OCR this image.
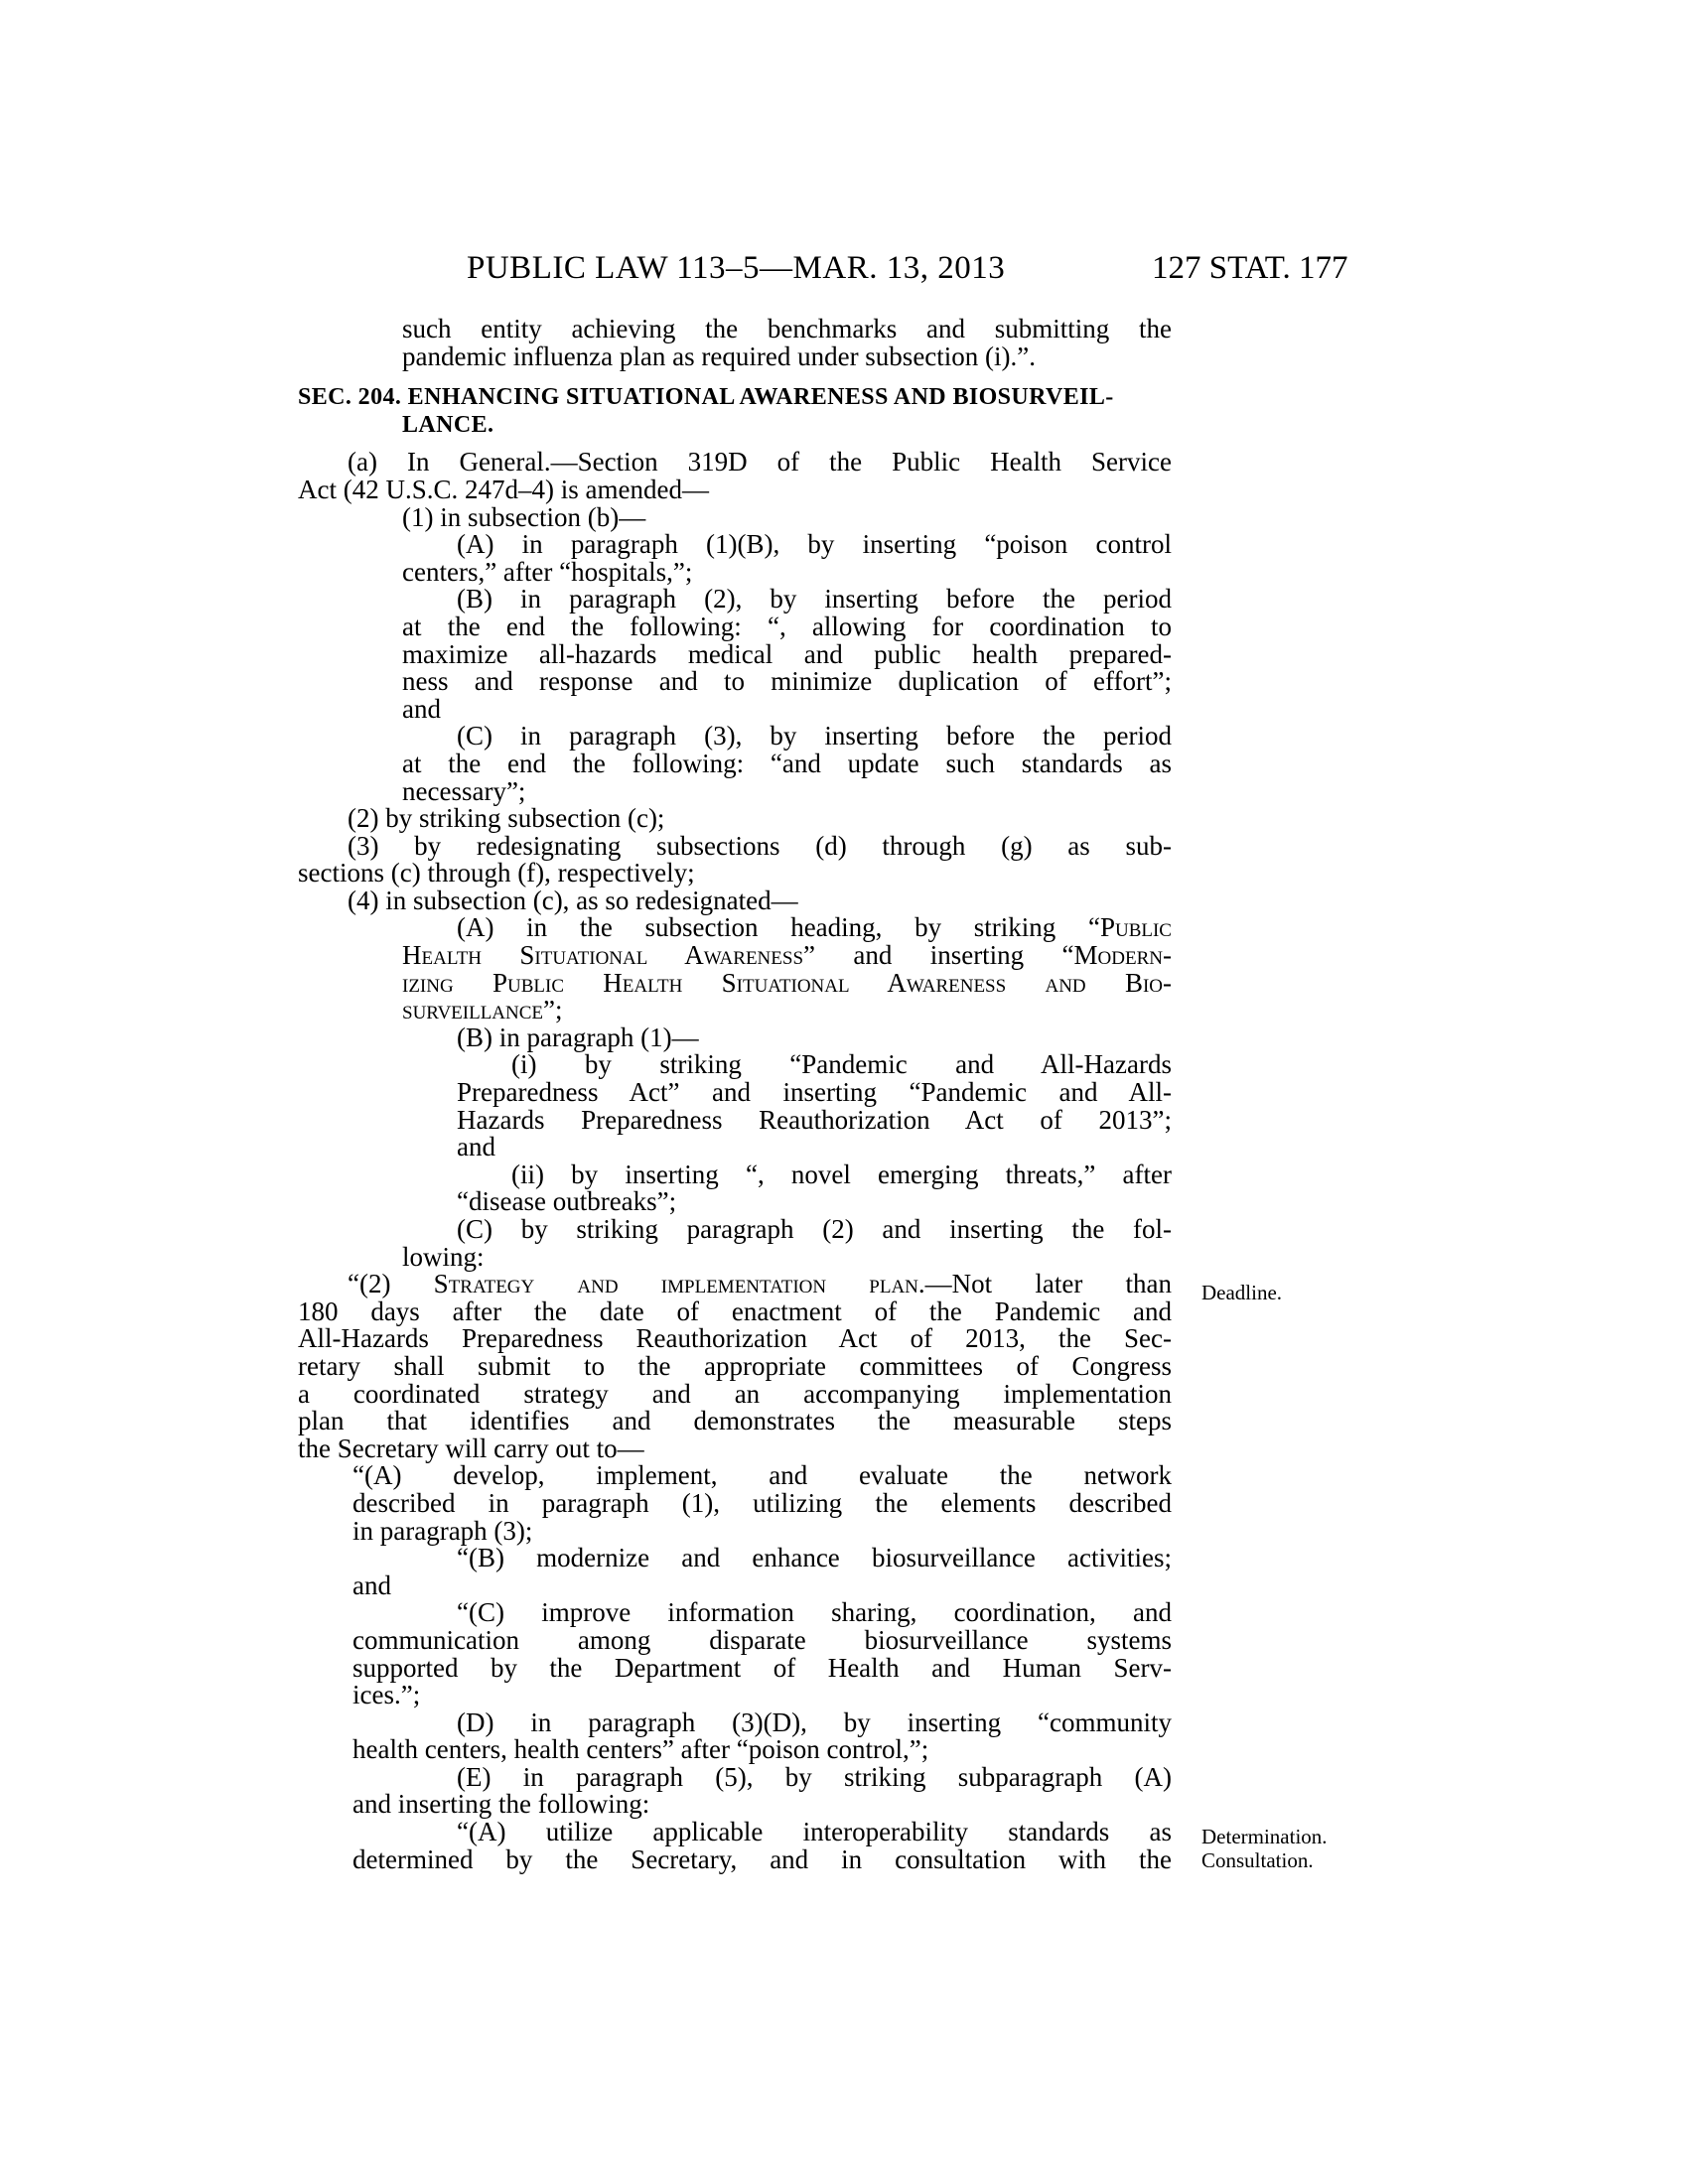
PUBLIC LAW 113–5—MAR. 13, 2013	127 STAT. 177

such entity achieving the benchmarks and submitting the

pandemic influenza plan as required under subsection (i).”.

SEC. 204. ENHANCING SITUATIONAL AWARENESS AND BIOSURVEIL-
LANCE.

(a) In General.—Section 319D of the Public Health Service

Act (42 U.S.C. 247d–4) is amended—

(1) in subsection (b)—

(A) in paragraph (1)(B), by inserting “poison control

centers,” after “hospitals,”;

(B) in paragraph (2), by inserting before the period

at the end the following: “, allowing for coordination to

maximize all-hazards medical and public health prepared-

ness and response and to minimize duplication of effort”;

and

(C) in paragraph (3), by inserting before the period

at the end the following: “and update such standards as

necessary”;

(2) by striking subsection (c);

(3) by redesignating subsections (d) through (g) as sub-

sections (c) through (f), respectively;

(4) in subsection (c), as so redesignated—

(A) in the subsection heading, by striking “Public

Health Situational Awareness” and inserting “Modern-

izing Public Health Situational Awareness and Bio-

surveillance”;

(B) in paragraph (1)—

(i) by striking “Pandemic and All-Hazards

Preparedness Act” and inserting “Pandemic and All-

Hazards Preparedness Reauthorization Act of 2013”;

and

(ii) by inserting “, novel emerging threats,” after

“disease outbreaks”;

(C) by striking paragraph (2) and inserting the fol-

lowing:

“(2) Strategy and implementation plan.—Not later than

180 days after the date of enactment of the Pandemic and

All-Hazards Preparedness Reauthorization Act of 2013, the Sec-

retary shall submit to the appropriate committees of Congress

a coordinated strategy and an accompanying implementation

plan that identifies and demonstrates the measurable steps

the Secretary will carry out to—

“(A) develop, implement, and evaluate the network

described in paragraph (1), utilizing the elements described

in paragraph (3);

“(B) modernize and enhance biosurveillance activities;

and

“(C) improve information sharing, coordination, and

communication among disparate biosurveillance systems

supported by the Department of Health and Human Serv-

ices.”;

(D) in paragraph (3)(D), by inserting “community

health centers, health centers” after “poison control,”;

(E) in paragraph (5), by striking subparagraph (A)

and inserting the following:

“(A) utilize applicable interoperability standards as

determined by the Secretary, and in consultation with the

Deadline.
Determination.
Consultation.
